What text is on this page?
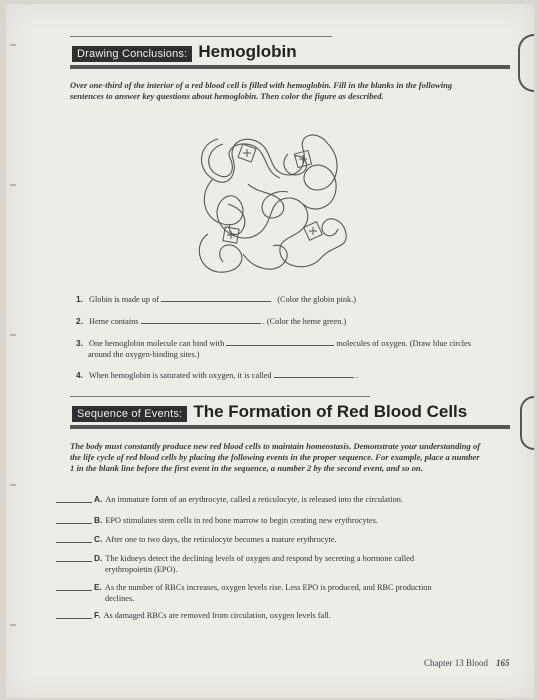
Drawing Conclusions: Hemoglobin
Over one-third of the interior of a red blood cell is filled with hemoglobin. Fill in the blanks in the following
sentences to answer key questions about hemoglobin. Then color the figure as described.
1. Globin is made up of	(Color the globin pink.)
2. Heme contains	. (Color the heme green.)
3. One hemoglobin molecule can bind with	molecules of oxygen. (Draw blue circles
around the oxygen-binding sites.)
4. When hemoglobin is saturated with oxygen, it is called	.
Sequence of Events: The Formation of Red Blood Cells
The body must constantly produce new red blood cells to maintain homeostasis. Demonstrate your understanding of
the life cycle of red blood cells by placing the following events in the proper sequence. For example, place a number
1 in the blank line before the first event in the sequence, a number 2 by the second event, and so on.
A. An immature form of an erythrocyte, called a reticulocyte, is released into the circulation.
B. EPO stimulates stem cells in red bone marrow to begin creating new erythrocytes.
C. After one to two days, the reticulocyte becomes a mature erythrocyte.
D. The kidneys detect the declining levels of oxygen and respond by secreting a hormone called
erythropoietin (EPO).
E. As the number of RBCs increases, oxygen levels rise. Less EPO is produced, and RBC production
declines.
F. As damaged RBCs are removed from circulation, oxygen levels fall.
Chapter 13 Blood 165
